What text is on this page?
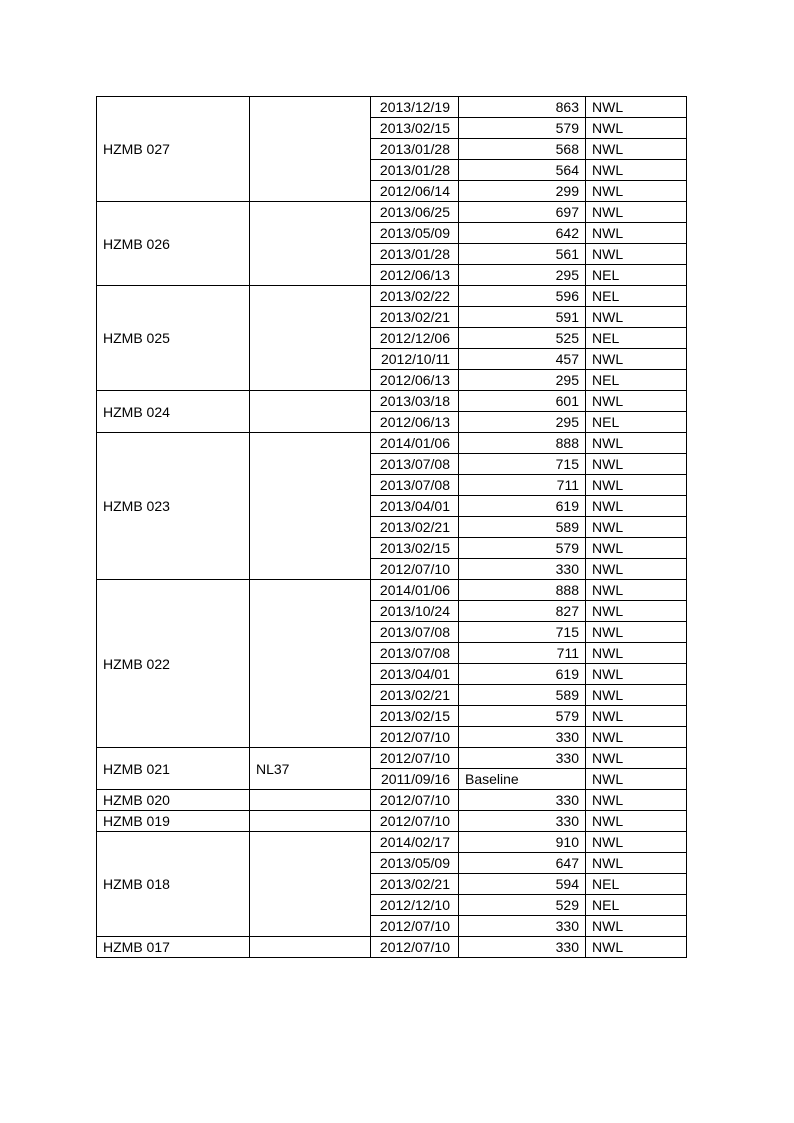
HZMB 027		2013/12/19	863	NWL
		2013/02/15	579	NWL
		2013/01/28	568	NWL
		2013/01/28	564	NWL
		2012/06/14	299	NWL
HZMB 026		2013/06/25	697	NWL
		2013/05/09	642	NWL
		2013/01/28	561	NWL
		2012/06/13	295	NEL
HZMB 025		2013/02/22	596	NEL
		2013/02/21	591	NWL
		2012/12/06	525	NEL
		2012/10/11	457	NWL
		2012/06/13	295	NEL
HZMB 024		2013/03/18	601	NWL
		2012/06/13	295	NEL
HZMB 023		2014/01/06	888	NWL
		2013/07/08	715	NWL
		2013/07/08	711	NWL
		2013/04/01	619	NWL
		2013/02/21	589	NWL
		2013/02/15	579	NWL
		2012/07/10	330	NWL
HZMB 022		2014/01/06	888	NWL
		2013/10/24	827	NWL
		2013/07/08	715	NWL
		2013/07/08	711	NWL
		2013/04/01	619	NWL
		2013/02/21	589	NWL
		2013/02/15	579	NWL
		2012/07/10	330	NWL
HZMB 021	NL37	2012/07/10	330	NWL
		2011/09/16	Baseline	NWL
HZMB 020		2012/07/10	330	NWL
HZMB 019		2012/07/10	330	NWL
HZMB 018		2014/02/17	910	NWL
		2013/05/09	647	NWL
		2013/02/21	594	NEL
		2012/12/10	529	NEL
		2012/07/10	330	NWL
HZMB 017		2012/07/10	330	NWL
